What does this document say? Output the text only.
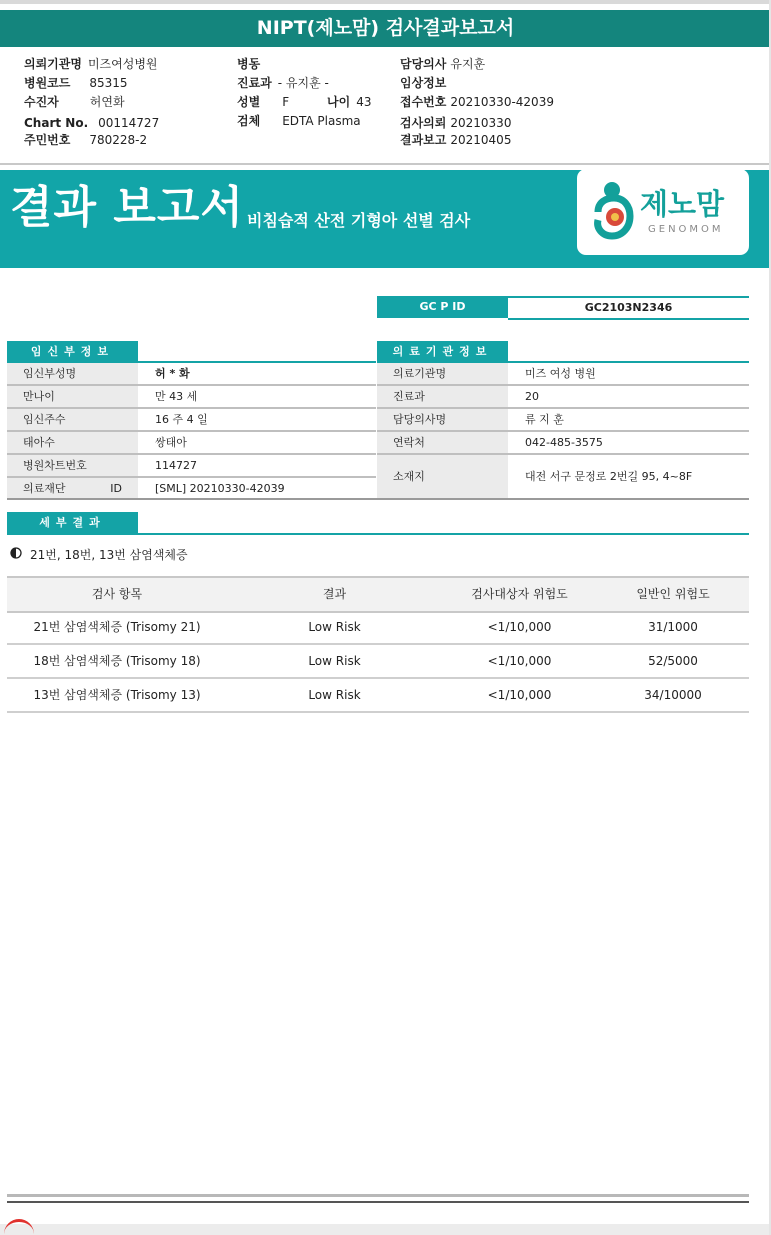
NIPT(제노맘) 검사결과보고서
의뢰기관명 미즈여성병원
병원코드 85315
수진자	허연화
Chart No. 00114727
주민번호 780228-2
병동
진료과 - 유지훈 -
성별 F	나이 43
검체 EDTA Plasma
담당의사 유지훈
임상정보
접수번호 20210330-42039
검사의뢰 20210330
결과보고 20210405
결과 보고서 비침습적 산전 기형아 선별 검사	제노맘
GENOMOM
GC P ID	GC2103N2346
임신부정보
임신부성명	허 * 화
만나이	만 43 세
임신주수	16 주 4 일
태아수	쌍태아
병원차트번호	114727
의료재단 ID	[SML] 20210330-42039
의료기관정보
의료기관명	미즈 여성 병원
진료과	20
담당의사명	류 지 훈
연락처	042-485-3575
소재지	대전 서구 문정로 2번길 95, 4~8F
세부결과
21번, 18번, 13번 삼염색체증
검사 항목	결과	검사대상자 위험도	일반인 위험도
21번 삼염색체증 (Trisomy 21)	Low Risk	<1/10,000	31/1000
18번 삼염색체증 (Trisomy 18)	Low Risk	<1/10,000	52/5000
13번 삼염색체증 (Trisomy 13)	Low Risk	<1/10,000	34/10000
